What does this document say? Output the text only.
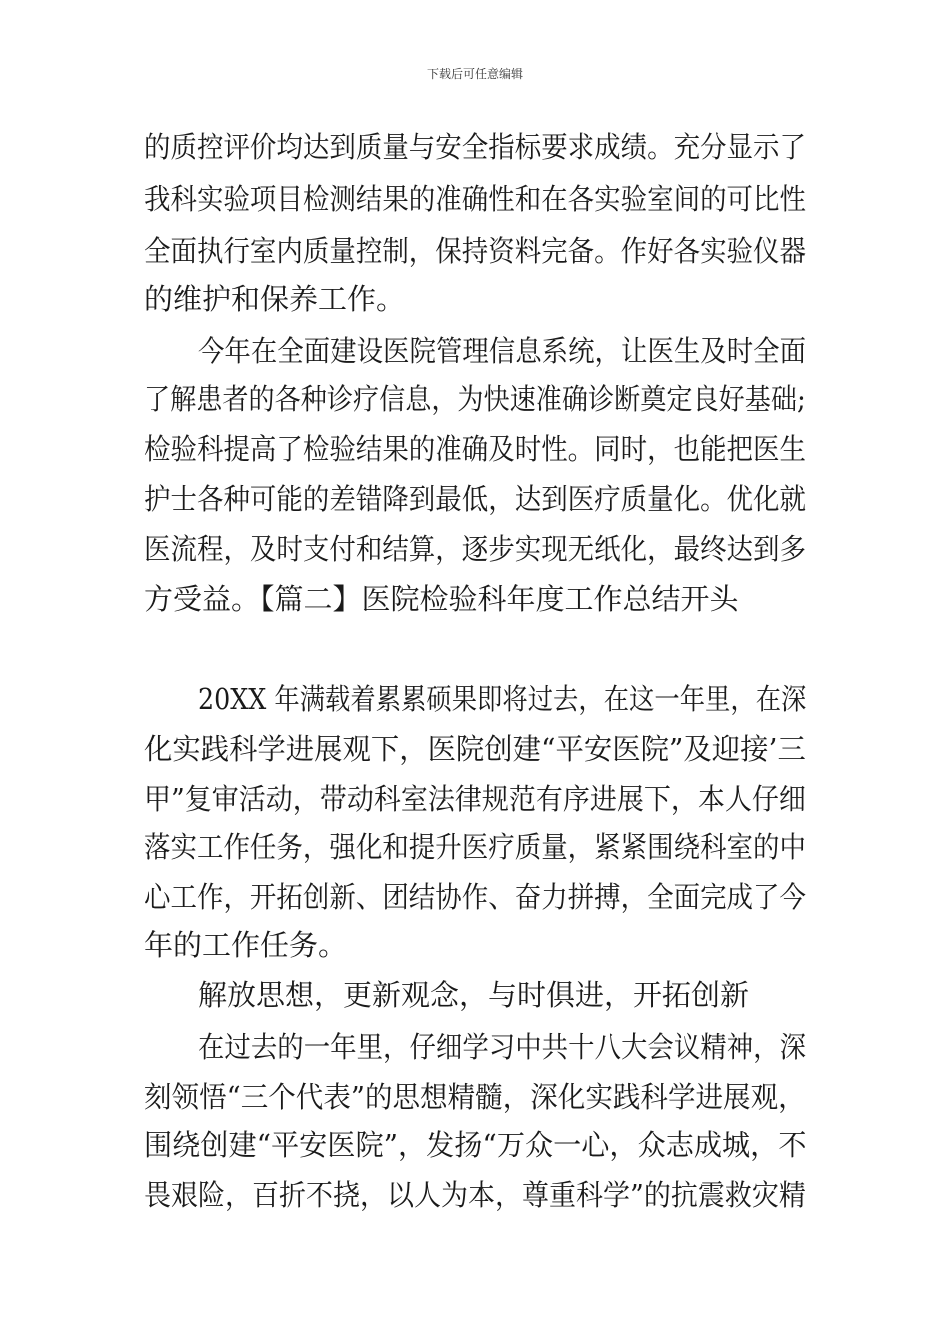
下载后可任意编辑
的质控评价均达到质量与安全指标要求成绩。充分显示了
我科实验项目检测结果的准确性和在各实验室间的可比性
全面执行室内质量控制，保持资料完备。作好各实验仪器
的维护和保养工作。
今年在全面建设医院管理信息系统，让医生及时全面
了解患者的各种诊疗信息，为快速准确诊断奠定良好基础;
检验科提高了检验结果的准确及时性。同时，也能把医生
护士各种可能的差错降到最低，达到医疗质量化。优化就
医流程，及时支付和结算，逐步实现无纸化，最终达到多
方受益。【篇二】医院检验科年度工作总结开头
20XX 年满载着累累硕果即将过去，在这一年里，在深
化实践科学进展观下，医院创建“平安医院”及迎接’三
甲”复审活动，带动科室法律规范有序进展下，本人仔细
落实工作任务，强化和提升医疗质量，紧紧围绕科室的中
心工作，开拓创新、团结协作、奋力拼搏，全面完成了今
年的工作任务。
解放思想，更新观念，与时俱进，开拓创新
在过去的一年里，仔细学习中共十八大会议精神，深
刻领悟“三个代表”的思想精髓，深化实践科学进展观，
围绕创建“平安医院”，发扬“万众一心，众志成城，不
畏艰险，百折不挠，以人为本，尊重科学”的抗震救灾精
